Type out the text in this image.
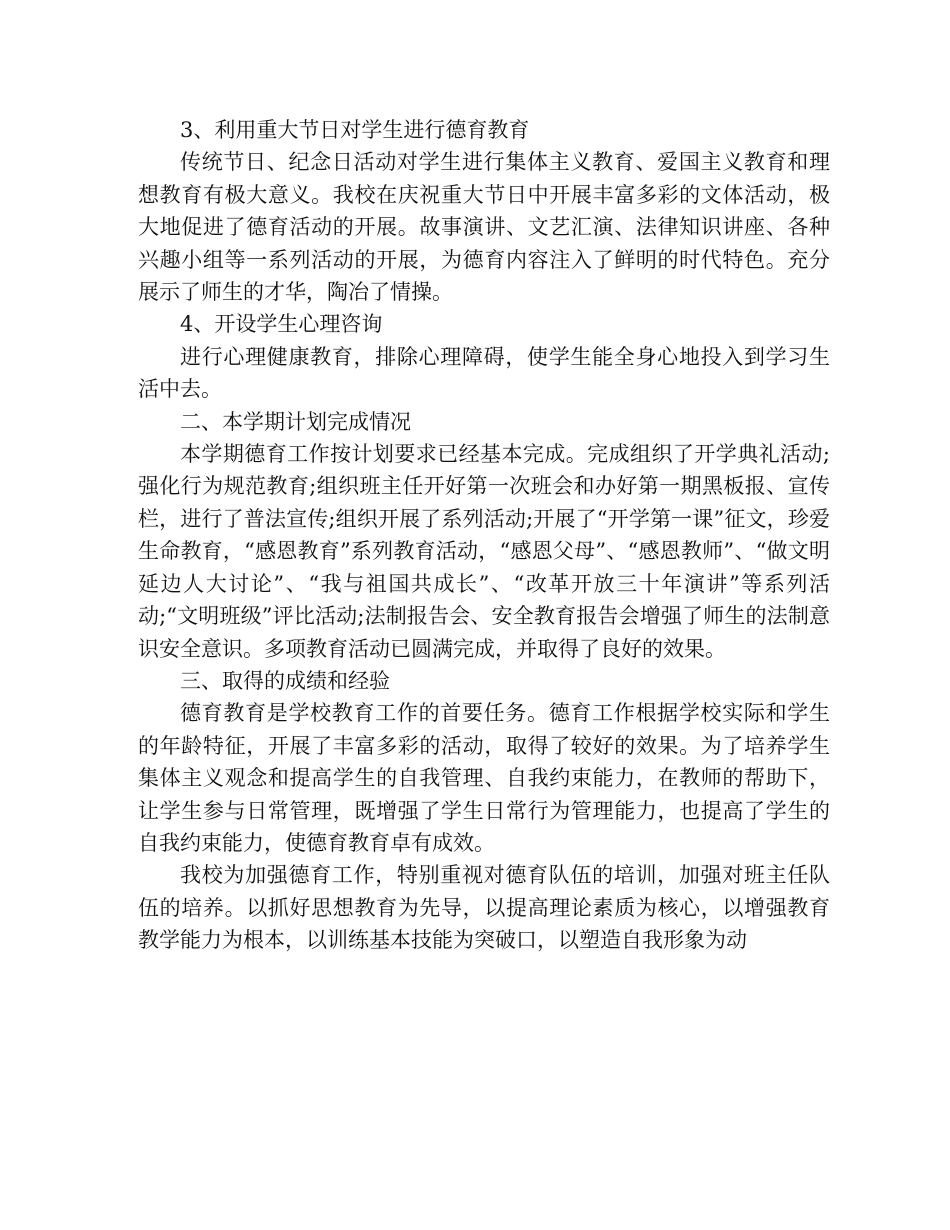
3、利用重大节日对学生进行德育教育

传统节日、纪念日活动对学生进行集体主义教育、爱国主义教育和理想教育有极大意义。我校在庆祝重大节日中开展丰富多彩的文体活动，极大地促进了德育活动的开展。故事演讲、文艺汇演、法律知识讲座、各种兴趣小组等一系列活动的开展，为德育内容注入了鲜明的时代特色。充分展示了师生的才华，陶冶了情操。

4、开设学生心理咨询

进行心理健康教育，排除心理障碍，使学生能全身心地投入到学习生活中去。

二、本学期计划完成情况

本学期德育工作按计划要求已经基本完成。完成组织了开学典礼活动;强化行为规范教育;组织班主任开好第一次班会和办好第一期黑板报、宣传栏，进行了普法宣传;组织开展了系列活动;开展了“开学第一课”征文，珍爱生命教育，“感恩教育”系列教育活动，“感恩父母”、“感恩教师”、“做文明延边人大讨论”、“我与祖国共成长”、“改革开放三十年演讲”等系列活动;“文明班级”评比活动;法制报告会、安全教育报告会增强了师生的法制意识安全意识。多项教育活动已圆满完成，并取得了良好的效果。

三、取得的成绩和经验

德育教育是学校教育工作的首要任务。德育工作根据学校实际和学生的年龄特征，开展了丰富多彩的活动，取得了较好的效果。为了培养学生集体主义观念和提高学生的自我管理、自我约束能力，在教师的帮助下，让学生参与日常管理，既增强了学生日常行为管理能力，也提高了学生的自我约束能力，使德育教育卓有成效。

我校为加强德育工作，特别重视对德育队伍的培训，加强对班主任队伍的培养。以抓好思想教育为先导，以提高理论素质为核心，以增强教育教学能力为根本，以训练基本技能为突破口，以塑造自我形象为动
